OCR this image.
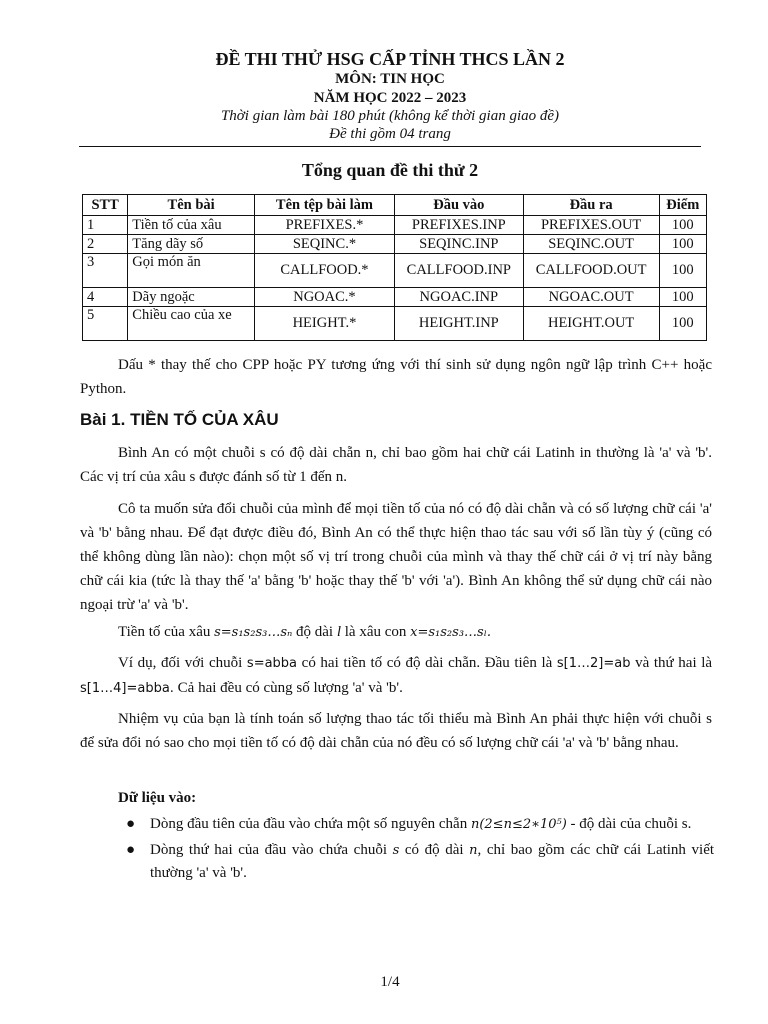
ĐỀ THI THỬ HSG CẤP TỈNH THCS LẦN 2
MÔN: TIN HỌC
NĂM HỌC 2022 – 2023
Thời gian làm bài 180 phút (không kể thời gian giao đề)
Đề thi gồm 04 trang
Tổng quan đề thi thử 2
STT	Tên bài	Tên tệp bài làm	Đầu vào	Đầu ra	Điểm
1	Tiền tố của xâu	PREFIXES.*	PREFIXES.INP	PREFIXES.OUT	100
2	Tăng dãy số	SEQINC.*	SEQINC.INP	SEQINC.OUT	100
3	Gọi món ăn	CALLFOOD.*	CALLFOOD.INP	CALLFOOD.OUT	100
4	Dãy ngoặc	NGOAC.*	NGOAC.INP	NGOAC.OUT	100
5	Chiều cao của xe	HEIGHT.*	HEIGHT.INP	HEIGHT.OUT	100
Dấu * thay thế cho CPP hoặc PY tương ứng với thí sinh sử dụng ngôn ngữ lập trình C++ hoặc Python.
Bài 1. TIỀN TỐ CỦA XÂU
Bình An có một chuỗi s có độ dài chẵn n, chỉ bao gồm hai chữ cái Latinh in thường là 'a' và 'b'. Các vị trí của xâu s được đánh số từ 1 đến n.
Cô ta muốn sửa đổi chuỗi của mình để mọi tiền tố của nó có độ dài chẵn và có số lượng chữ cái 'a' và 'b' bằng nhau. Để đạt được điều đó, Bình An có thể thực hiện thao tác sau với số lần tùy ý (cũng có thể không dùng lần nào): chọn một số vị trí trong chuỗi của mình và thay thế chữ cái ở vị trí này bằng chữ cái kia (tức là thay thế 'a' bằng 'b' hoặc thay thế 'b' với 'a'). Bình An không thể sử dụng chữ cái nào ngoại trừ 'a' và 'b'.
Tiền tố của xâu s=s₁s₂s₃…sₙ độ dài l là xâu con x=s₁s₂s₃…sₗ.
Ví dụ, đối với chuỗi s=abba có hai tiền tố có độ dài chẵn. Đầu tiên là s[1…2]=ab và thứ hai là s[1…4]=abba. Cả hai đều có cùng số lượng 'a' và 'b'.
Nhiệm vụ của bạn là tính toán số lượng thao tác tối thiểu mà Bình An phải thực hiện với chuỗi s để sửa đổi nó sao cho mọi tiền tố có độ dài chẵn của nó đều có số lượng chữ cái 'a' và 'b' bằng nhau.
Dữ liệu vào:
● Dòng đầu tiên của đầu vào chứa một số nguyên chẵn n(2≤n≤2∗10⁵) - độ dài của chuỗi s.
● Dòng thứ hai của đầu vào chứa chuỗi s có độ dài n, chỉ bao gồm các chữ cái Latinh viết thường 'a' và 'b'.
1/4
